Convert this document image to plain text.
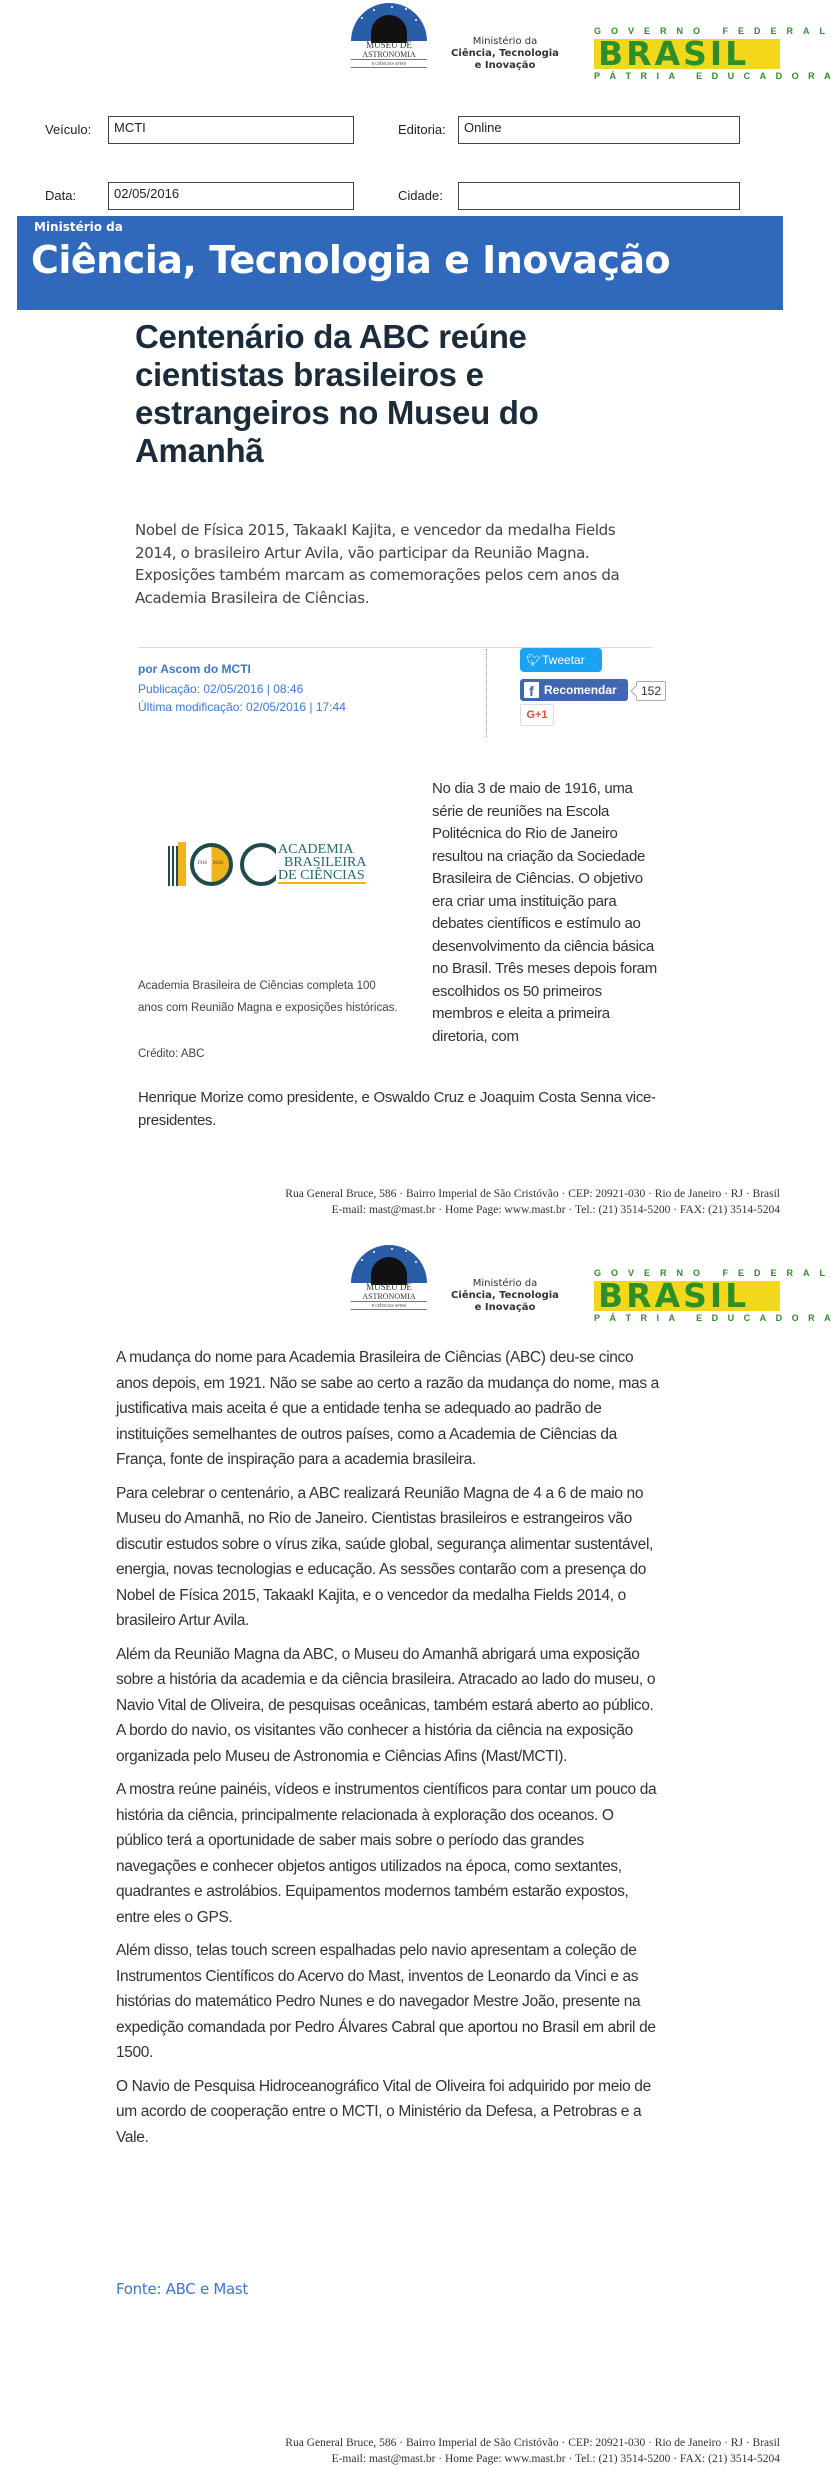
MUSEU DE
ASTRONOMIA
E CIÊNCIAS AFINS
Ministério da
Ciência, Tecnologia
e Inovação
GOVERNO FEDERAL
BRASIL
PÁTRIA EDUCADORA
Veículo:	MCTI	Editoria:	Online
Data:	02/05/2016	Cidade:
Ministério da
Ciência, Tecnologia e Inovação
Centenário da ABC reúne cientistas brasileiros e estrangeiros no Museu do Amanhã

Nobel de Física 2015, TakaakI Kajita, e vencedor da medalha Fields 2014, o brasileiro Artur Avila, vão participar da Reunião Magna. Exposições também marcam as comemorações pelos cem anos da Academia Brasileira de Ciências.

por Ascom do MCTI
Publicação: 02/05/2016 | 08:46
Última modificação: 02/05/2016 | 17:44
🐦︎ Tweetar
f Recomendar	152
G+1
1916 2016
ACADEMIA
BRASILEIRA
DE CIÊNCIAS

Academia Brasileira de Ciências completa 100 anos com Reunião Magna e exposições históricas.

Crédito: ABC

No dia 3 de maio de 1916, uma série de reuniões na Escola Politécnica do Rio de Janeiro resultou na criação da Sociedade Brasileira de Ciências. O objetivo era criar uma instituição para debates científicos e estímulo ao desenvolvimento da ciência básica no Brasil. Três meses depois foram escolhidos os 50 primeiros membros e eleita a primeira diretoria, com

Henrique Morize como presidente, e Oswaldo Cruz e Joaquim Costa Senna vice-presidentes.

Rua General Bruce, 586 · Bairro Imperial de São Cristóvão · CEP: 20921-030 · Rio de Janeiro · RJ · Brasil
E-mail: mast@mast.br · Home Page: www.mast.br · Tel.: (21) 3514-5200 · FAX: (21) 3514-5204
MUSEU DE
ASTRONOMIA
E CIÊNCIAS AFINS
Ministério da
Ciência, Tecnologia
e Inovação
GOVERNO FEDERAL
BRASIL
PÁTRIA EDUCADORA

A mudança do nome para Academia Brasileira de Ciências (ABC) deu-se cinco anos depois, em 1921. Não se sabe ao certo a razão da mudança do nome, mas a justificativa mais aceita é que a entidade tenha se adequado ao padrão de instituições semelhantes de outros países, como a Academia de Ciências da França, fonte de inspiração para a academia brasileira.

Para celebrar o centenário, a ABC realizará Reunião Magna de 4 a 6 de maio no Museu do Amanhã, no Rio de Janeiro. Cientistas brasileiros e estrangeiros vão discutir estudos sobre o vírus zika, saúde global, segurança alimentar sustentável, energia, novas tecnologias e educação. As sessões contarão com a presença do Nobel de Física 2015, TakaakI Kajita, e o vencedor da medalha Fields 2014, o brasileiro Artur Avila.

Além da Reunião Magna da ABC, o Museu do Amanhã abrigará uma exposição sobre a história da academia e da ciência brasileira. Atracado ao lado do museu, o Navio Vital de Oliveira, de pesquisas oceânicas, também estará aberto ao público. A bordo do navio, os visitantes vão conhecer a história da ciência na exposição organizada pelo Museu de Astronomia e Ciências Afins (Mast/MCTI).

A mostra reúne painéis, vídeos e instrumentos científicos para contar um pouco da história da ciência, principalmente relacionada à exploração dos oceanos. O público terá a oportunidade de saber mais sobre o período das grandes navegações e conhecer objetos antigos utilizados na época, como sextantes, quadrantes e astrolábios. Equipamentos modernos também estarão expostos, entre eles o GPS.

Além disso, telas touch screen espalhadas pelo navio apresentam a coleção de Instrumentos Científicos do Acervo do Mast, inventos de Leonardo da Vinci e as histórias do matemático Pedro Nunes e do navegador Mestre João, presente na expedição comandada por Pedro Álvares Cabral que aportou no Brasil em abril de 1500.

O Navio de Pesquisa Hidroceanográfico Vital de Oliveira foi adquirido por meio de um acordo de cooperação entre o MCTI, o Ministério da Defesa, a Petrobras e a Vale.

Fonte: ABC e Mast
Rua General Bruce, 586 · Bairro Imperial de São Cristóvão · CEP: 20921-030 · Rio de Janeiro · RJ · Brasil
E-mail: mast@mast.br · Home Page: www.mast.br · Tel.: (21) 3514-5200 · FAX: (21) 3514-5204
